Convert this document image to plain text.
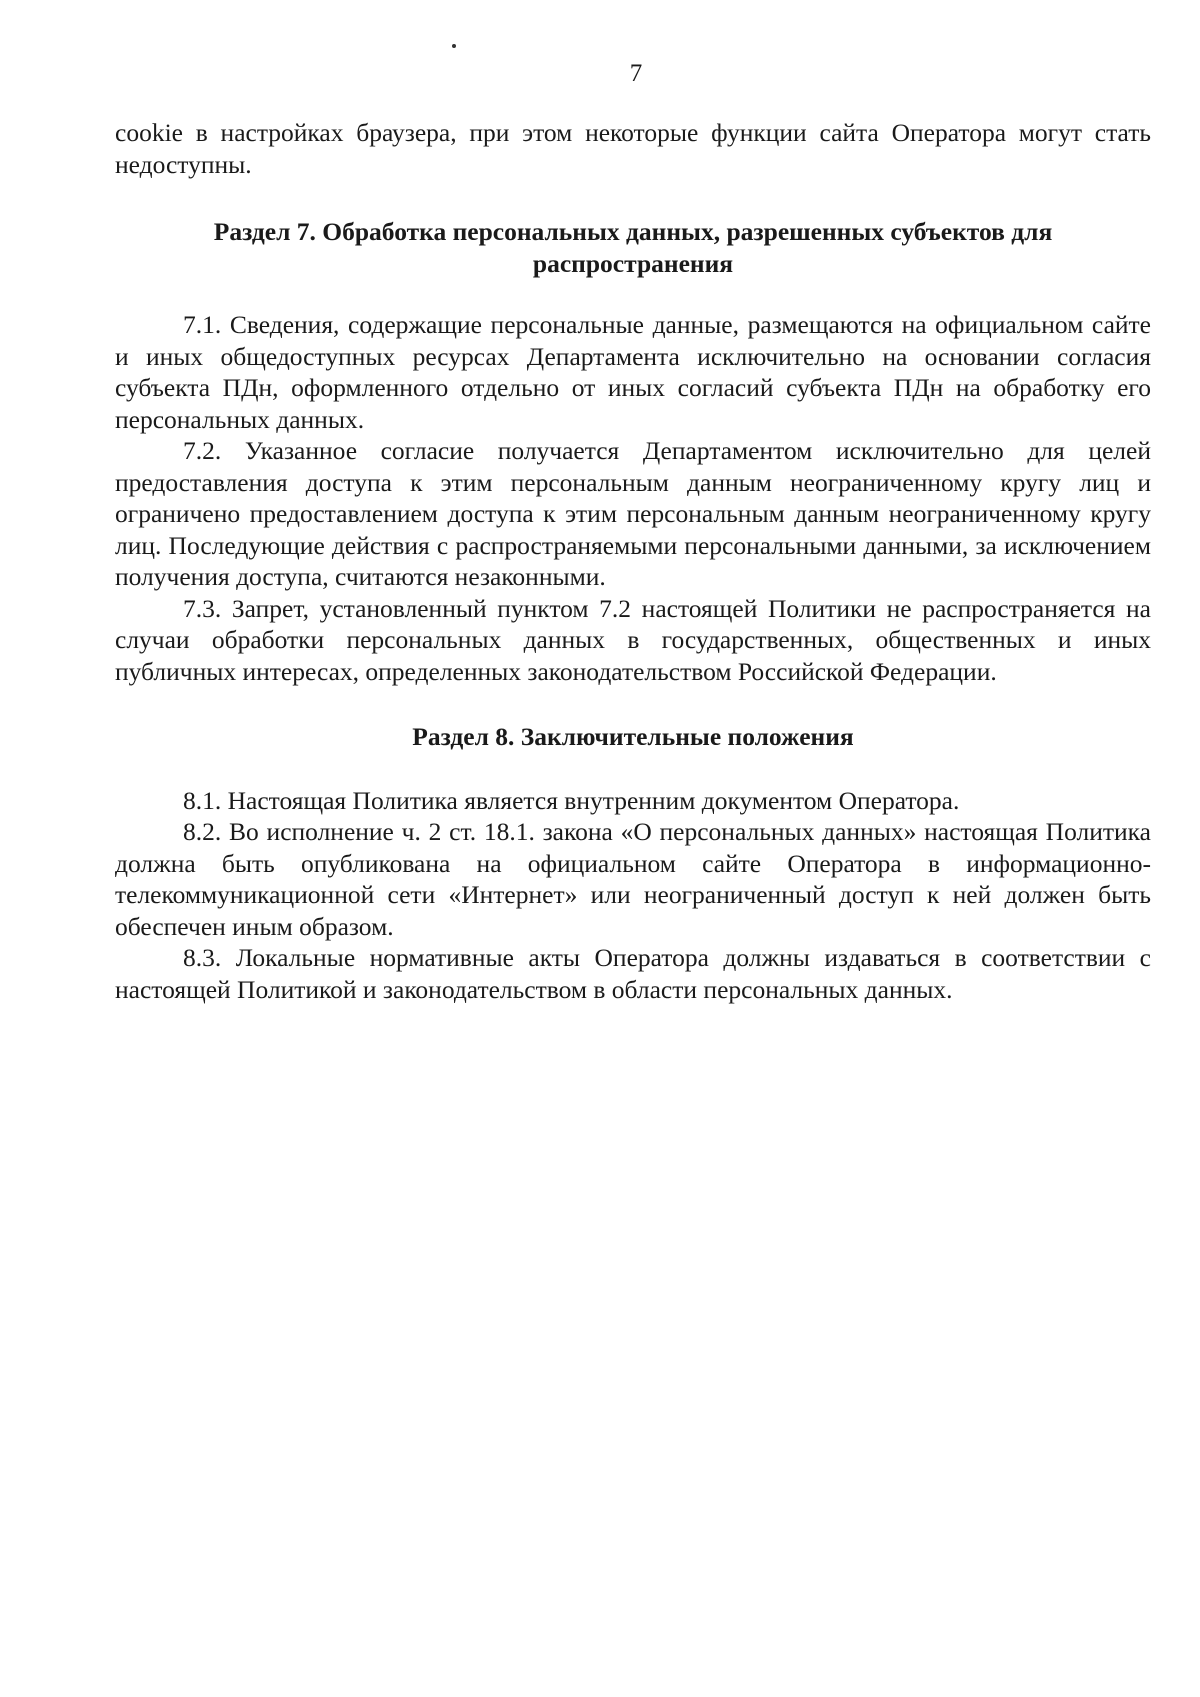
7

cookie в настройках браузера, при этом некоторые функции сайта Оператора могут стать недоступны.

Раздел 7. Обработка персональных данных, разрешенных субъектов для распространения

7.1. Сведения, содержащие персональные данные, размещаются на официальном сайте и иных общедоступных ресурсах Департамента исключительно на основании согласия субъекта ПДн, оформленного отдельно от иных согласий субъекта ПДн на обработку его персональных данных.

7.2. Указанное согласие получается Департаментом исключительно для целей предоставления доступа к этим персональным данным неограниченному кругу лиц и ограничено предоставлением доступа к этим персональным данным неограниченному кругу лиц. Последующие действия с распространяемыми персональными данными, за исключением получения доступа, считаются незаконными.

7.3. Запрет, установленный пунктом 7.2 настоящей Политики не распространяется на случаи обработки персональных данных в государственных, общественных и иных публичных интересах, определенных законодательством Российской Федерации.

Раздел 8. Заключительные положения

8.1. Настоящая Политика является внутренним документом Оператора.

8.2. Во исполнение ч. 2 ст. 18.1. закона «О персональных данных» настоящая Политика должна быть опубликована на официальном сайте Оператора в информационно-телекоммуникационной сети «Интернет» или неограниченный доступ к ней должен быть обеспечен иным образом.

8.3. Локальные нормативные акты Оператора должны издаваться в соответствии с настоящей Политикой и законодательством в области персональных данных.
